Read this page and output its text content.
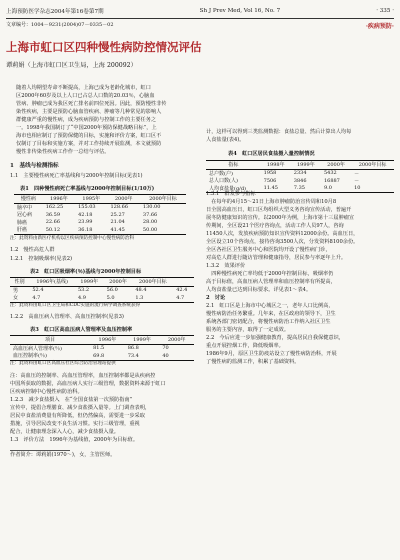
上海预防医学杂志2004年第16卷第7期	Sh J Prev Med, Vol 16, No. 7	· 335 ·
文章编号：1004－9231(2004)07－0335－02	·疾病预防·
上海市虹口区四种慢性病防控情况评估
谭莉娟（上海市虹口区卫生局，上海 200092）
随着人均期望寿命不断提高，上海已成为老龄化城市，虹口
区2000年60岁及以上人口已占总人口数的20.03％，心脑血
管病、肿瘤已成为我区死亡排名前四位死因。因此，预防慢性非传
染性疾病，主要是预防心脑血管疾病、肿瘤等几种常见的影响人
群健康严重的慢性病，成为疾病预防与控制工作的主要任务之
一。1998年我国制订了“中国2000年预防保健战略目标”，上
海市也相应制订了预防保健的目标，实施和评价方案，虹口区不
仅制订了目标和实施方案，并对工作持续开展监测，本文就预防
慢性非传染性疾病工作作一总结与评估。
1　基线与检测指标
1.1　主要慢性病死亡率基线和与2000年控制目标(见表1)
表1　四种慢性病死亡率基线与2000年控制目标(1/10万)
慢性病	1996年	1995年	2000年	2000年目标
脑卒中	162.25	155.03	128.66	130.00
冠心病	36.59	42.18	25.27	37.66
肺癌	22.66	23.99	21.04	28.00
肝癌	50.12	36.18	41.45	50.00
注：此资料由新医疗机构以区疾病预防控制中心慢性病防治科
1.2　慢性高危人群
1.2.1　控制吸烟率(见表2)
表2　虹口区吸烟率(％)基线与2000年控制目标
性别	1996年(基线)	1999年	2000年	2000年目标	
男	52.4	53.2	56.0	48.4	42.4
女	4.7	4.9	5.0	1.3	4.7
注：此资料由虹口区卫生局和CDC实施的流行病学调查系统获得
1.2.2　高血压病人管理率、高血压控制率(见表3)
表3　虹口区高血压病人管理率及血压控制率
项目	1996年	1999年	2000年
高血压病人管理率(％)	81.5	86.8	70
血压控制率(％)	69.8	73.4	40
注：此资料由虹口区高血压社区综合防治管理站提供
注：高血压的控制率、高血压管理率，血压控制率都是从疾病控
中国所获取的数据，高血压病人实行三级管理，数据资料来源于虹口
区疾病控制中心慢性病防治科。
1.2.3　减少食盐摄入　在“全国食盐第一次预防指南”
宣传中，提倡合理膳食、减少食盐摄入量等。上门调查表明，
居民中食盐消费量有所降低，但仍然偏高，需要进一步采取
措施，引导居民改变不良生活习惯。实行三级管理，重视
配合，让健康理念深入人心，减少食盐摄入量。
1.3　评价方法　1996年为基线值，2000年为目标值。
作者简介：谭莉娟(1970～)，女，主管医师。
计，这样可以得到三类监测数据：食盐总量、然后计算出人均每
人食盐量(表4)。
表4　虹口区居民食盐摄入量控制情况
指标	1998年	1999年	2000年	2000年目标
总户数(户)	1958	2334	5432	－
总人口数(人)	7506	3846	16887	－
人均食盐量(g/d)	11.45	7.35	9.0	10
1.3.1　群众参与指标
　在每年的4月15～21日上海市肿瘤防治宣传周和10月8
日全国高血压日，虹口区均组织大型义务咨询宣传活动，普遍开
展冬防健康知识的宣传。以2000年为例，上海市第十三届肿瘤宣
传期间，全区设21个医疗咨询点，活动工作人员97人，咨询
11450人次，发放疾病预防知识宣传资料12000余份。高血压日，
全区设立10个咨询点，接待咨询3500人次，分发资料8100余份。
全区各社区卫生服务中心和医院均开设了慢性病门诊，
对高危人群进行随访管理和健康指导，居民参与率逐年上升。
1.3.2　效果评价
　四种慢性病死亡率均低于2000年控制目标，吸烟率仍
高于目标值，高血压病人管理率和血压控制率有所提高，
人均食盐量已达到目标要求。详见表1～表4。
2　讨论
2.1　虹口区是上海市中心城区之一，老年人口比例高，
慢性病防治任务繁重。几年来，在区政府的领导下，卫生
系统各部门密切配合，将慢性病防治工作纳入社区卫生
服务的主要内容，取得了一定成效。
2.2　今后应进一步加强健康教育，提高居民自我保健意识，
重点开展控烟工作，降低吸烟率。
1986年9月，原区卫生防疫站设立了慢性病防治科，开展
了慢性病的监测工作，积累了基础资料。
